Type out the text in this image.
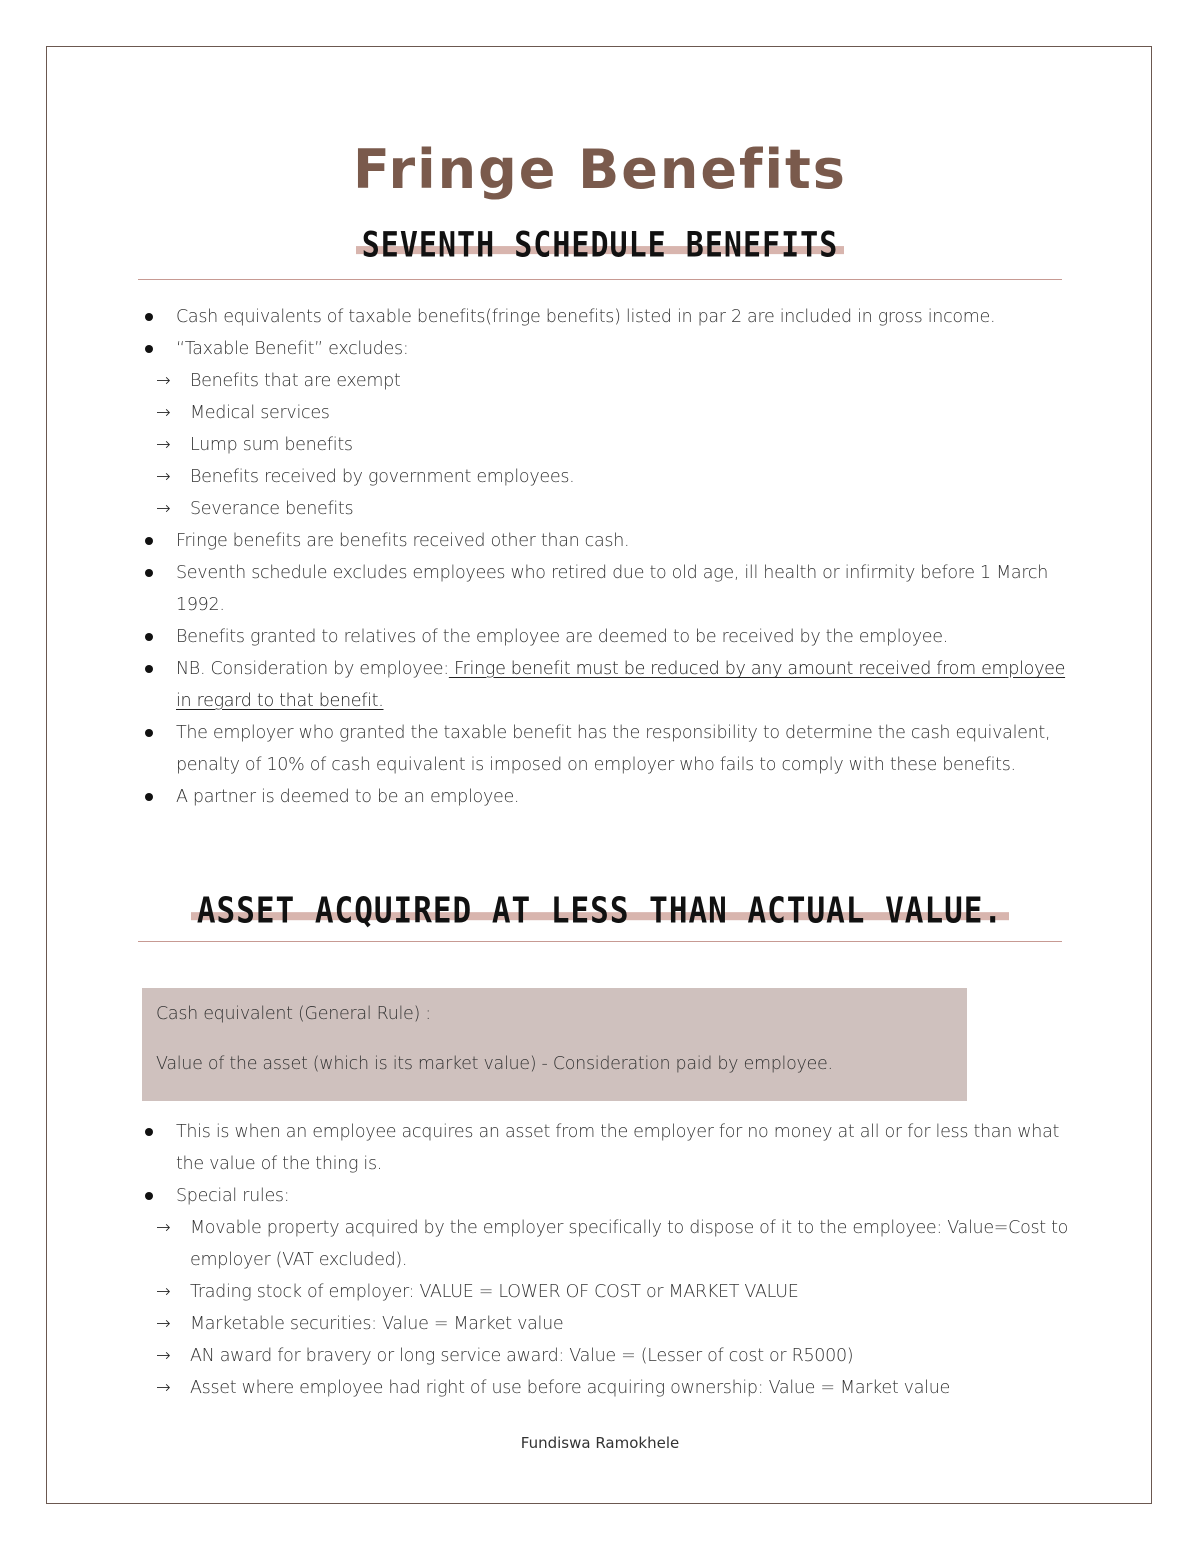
Fringe Benefits
SEVENTH SCHEDULE BENEFITS
Cash equivalents of taxable benefits(fringe benefits) listed in par 2 are included in gross income.
“Taxable Benefit” excludes:
→ Benefits that are exempt
→ Medical services
→ Lump sum benefits
→ Benefits received by government employees.
→ Severance benefits
Fringe benefits are benefits received other than cash.
Seventh schedule excludes employees who retired due to old age, ill health or infirmity before 1 March 1992.
Benefits granted to relatives of the employee are deemed to be received by the employee.
NB. Consideration by employee: Fringe benefit must be reduced by any amount received from employee in regard to that benefit.
The employer who granted the taxable benefit has the responsibility to determine the cash equivalent, penalty of 10% of cash equivalent is imposed on employer who fails to comply with these benefits.
A partner is deemed to be an employee.
ASSET ACQUIRED AT LESS THAN ACTUAL VALUE.

Cash equivalent (General Rule) :

Value of the asset (which is its market value) - Consideration paid by employee.

This is when an employee acquires an asset from the employer for no money at all or for less than what the value of the thing is.
Special rules:
→ Movable property acquired by the employer specifically to dispose of it to the employee: Value=Cost to employer (VAT excluded).
→ Trading stock of employer: VALUE = LOWER OF COST or MARKET VALUE
→ Marketable securities: Value = Market value
→ AN award for bravery or long service award: Value = (Lesser of cost or R5000)
→ Asset where employee had right of use before acquiring ownership: Value = Market value
Fundiswa Ramokhele
